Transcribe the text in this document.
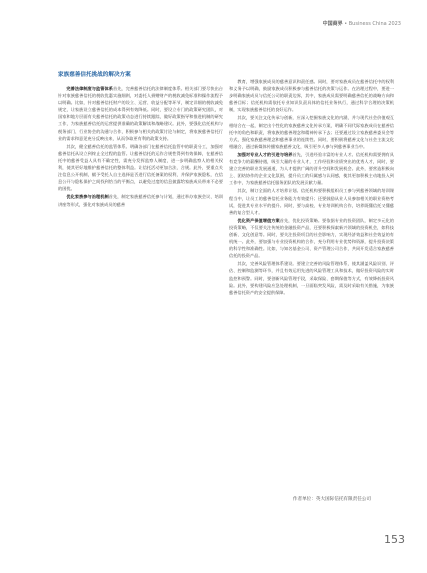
中国商界 • Business China 2023
家族慈善信托挑战的解决方案

完善法律制度与监管体系首先，完善慈善信托的法律制度体系。相关部门要尽快出台针对家族慈善信托的税收优惠实施细则，对委托人捐赠财产的税收减免标准和操作流程予以明确。比如，针对慈善信托财产的设立、运营、收益分配等环节，制定详细的税收减免规定，让家族设立慈善信托的成本得到有效降低。同时，要设立专门的政策研究团队，对国家和地方层面有关慈善信托的政策动态进行持续跟踪，做好政策指导和推进机制的研究工作，为家族慈善信托的运营提供准确的政策解读和战略建议。此外，要强化信托机构与税务部门、行业协会的沟通与合作，积极参与相关的政策讨论与制定，将家族慈善信托行业的需求和意见充分反映出来，从而争取更有利的政策支持。

其次，健全慈善信托的监管体系。明确各部门在慈善信托监管中的职责分工，加强对慈善信托从设立到终止全过程的监管。让慈善信托的运作合规性得到有效保障，在慈善信托中的慈善受益人具有不确定性，需充分发挥监察人制度，进一步明确监察人的相关权利，使其更好地维护慈善信托的整体利益。让信托活动更加合法、合规。此外，要重点关注信息公开机制，赋予受托人自主选择是否进行信托备案的权利，并保护家族隐私，在信息公开与隐私保护之间找到恰当的平衡点，以避免过度的信息披露给家族成员带来不必要的困扰。

优化家族参与治理机制首先，制定家族慈善信托参与计划，通过举办家族会议、培训讲座等形式，强化对家族成员的慈善

教育，增强家族成员的慈善意识和责任感。同时，要对家族成员在慈善信托中的权利和义务予以明确，鼓励家族成员积极参与慈善信托的决策与运作。在治理过程中，要进一步明确家族成员与信托公司的职责边界，其中，家族成员需要明确慈善信托的战略方向和慈善目标；信托机构需依托专业知识负责具体的信托业务执行，通过科学合理的决策机制，实现家族慈善信托的良好运作。

其次，要关注文化传承与创新，应深入挖掘家族文化的内涵，并与现代社会价值观互相结合在一起，制定出个性化的家族慈善文化传承方案，明确不同代际家族成员在慈善信托中的角色和职责，将家族的慈善理念和精神传承下去；还要通过设立家族慈善委员会等方式，强化家族慈善理念和慈善事业的连续性。同时，要积极将慈善文化与社会主流文化相融合，通过新媒体传播家族慈善文化，吸引更多人参与到慈善事业当中。

加强对专业人才的引进与培养首先，引进经验丰富的专业人才。信托机构需要拥有具有竞争力的薪酬待遇，吸引大量的专业人才，工作经验和业绩突出的优秀人才，同时，要建立完善的职业发展通道，为人才提供广阔的晋升空间和发展机会。此外，要营造积极向上、团结协作的企业文化氛围，提升员工的归属感与认同感，使其更加积极主动地投入到工作中，为家族慈善信托服务团队的发展贡献力量。

其次，制订全面的人才培养计划。信托机构要积极组织员工参与到慈善领域的培训课程当中，让员工的慈善信托业务能力有效提升；还要鼓励从业人员参加相关的职业资格考试，促进其专业水平的提升。同时，要与高校、专业培训机构合作，培养既懂信托又懂慈善的复合型人才。

优化资产保值增值方案首先，优化投资策略。要依据专业的投资团队，制定多元化的投资策略，不仅要关注传统的金融投资产品，还要积极探索新兴领域的投资机会，如科技创新、文化创意等。同时，要关注投资项目的社会影响力，实现经济效益和社会效益的有机统一。此外，要加强与专业投资机构的合作，充分利用专业优势和资源，提升投资决策的科学性和准确性。比如，与知名基金公司、资产管理公司合作，共同开发适合家族慈善信托的投资产品。

其次，完善风险管理体系建设。要建立完善的风险管理体系，使其涵盖风险识别、评估、控制和监测等环节，并且有效运用先进的风险管理工具和技术，做好投资风险的实时监控和预警。同时，要创新风险管理手段，采取保险、套期保值等方式，有效降低投资风险。此外，要构建风险应急处理机制，一旦面临突发风险，需及时采取有关措施，为家族慈善信托资产的安全提供保障。

作者单位：英大国际信托有限责任公司
153
